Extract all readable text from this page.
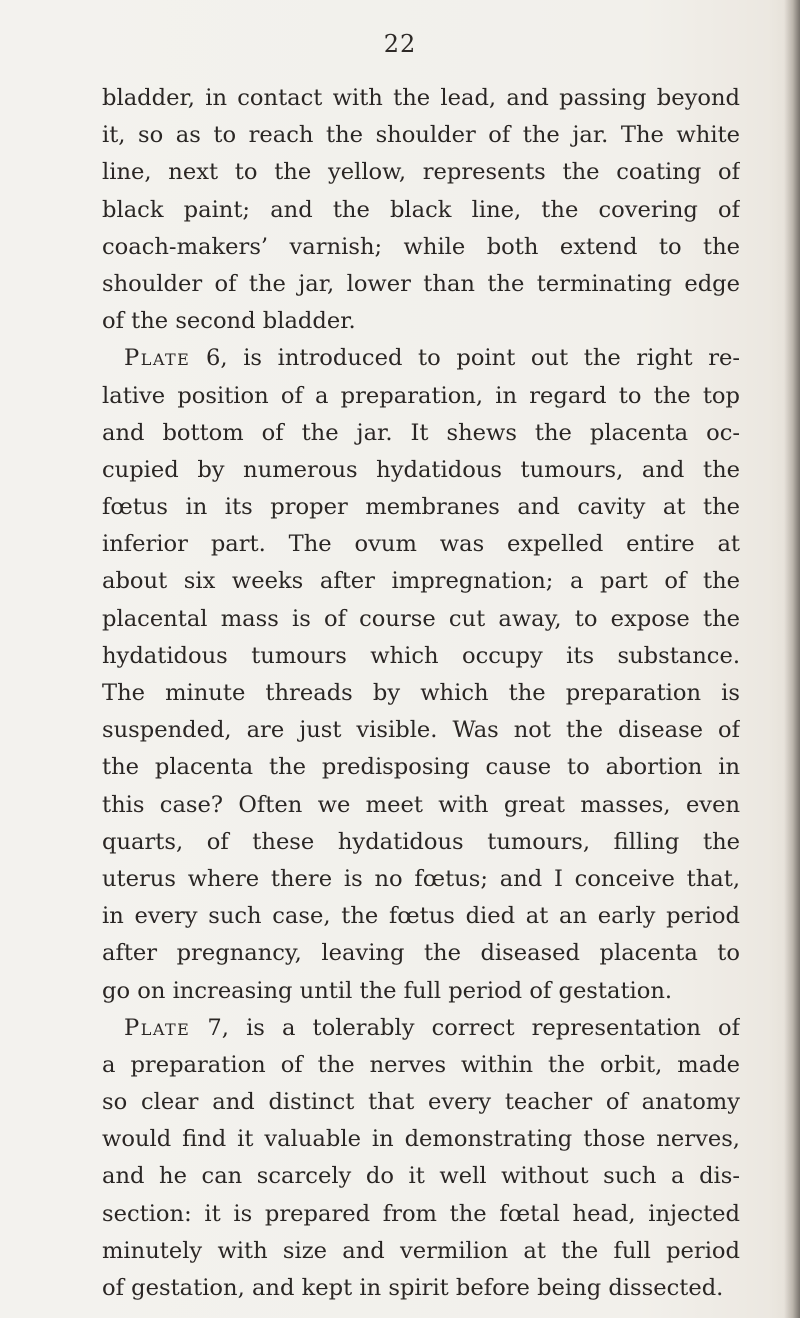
22
bladder, in contact with the lead, and passing beyond
it, so as to reach the shoulder of the jar. The white
line, next to the yellow, represents the coating of
black paint; and the black line, the covering of
coach-makers’ varnish; while both extend to the
shoulder of the jar, lower than the terminating edge
of the second bladder.
Plate 6, is introduced to point out the right re-
lative position of a preparation, in regard to the top
and bottom of the jar. It shews the placenta oc-
cupied by numerous hydatidous tumours, and the
fœtus in its proper membranes and cavity at the
inferior part. The ovum was expelled entire at
about six weeks after impregnation; a part of the
placental mass is of course cut away, to expose the
hydatidous tumours which occupy its substance.
The minute threads by which the preparation is
suspended, are just visible. Was not the disease of
the placenta the predisposing cause to abortion in
this case? Often we meet with great masses, even
quarts, of these hydatidous tumours, filling the
uterus where there is no fœtus; and I conceive that,
in every such case, the fœtus died at an early period
after pregnancy, leaving the diseased placenta to
go on increasing until the full period of gestation.
Plate 7, is a tolerably correct representation of
a preparation of the nerves within the orbit, made
so clear and distinct that every teacher of anatomy
would find it valuable in demonstrating those nerves,
and he can scarcely do it well without such a dis-
section: it is prepared from the fœtal head, injected
minutely with size and vermilion at the full period
of gestation, and kept in spirit before being dissected.
